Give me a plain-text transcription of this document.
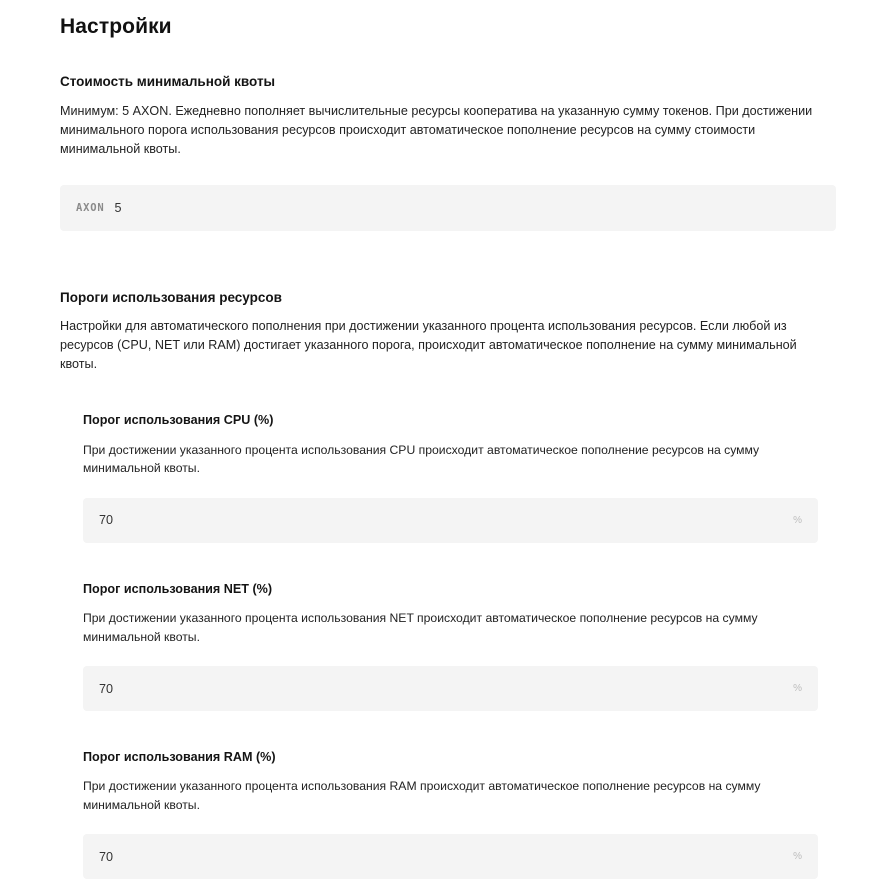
Настройки
Стоимость минимальной квоты

Минимум: 5 AXON. Ежедневно пополняет вычислительные ресурсы кооператива на указанную сумму токенов. При достижении минимального порога использования ресурсов происходит автоматическое пополнение ресурсов на сумму стоимости минимальной квоты.

AXON 5
Пороги использования ресурсов

Настройки для автоматического пополнения при достижении указанного процента использования ресурсов. Если любой из ресурсов (CPU, NET или RAM) достигает указанного порога, происходит автоматическое пополнение на сумму минимальной квоты.

Порог использования CPU (%)

При достижении указанного процента использования CPU происходит автоматическое пополнение ресурсов на сумму минимальной квоты.

70	%
Порог использования NET (%)

При достижении указанного процента использования NET происходит автоматическое пополнение ресурсов на сумму минимальной квоты.

70	%
Порог использования RAM (%)

При достижении указанного процента использования RAM происходит автоматическое пополнение ресурсов на сумму минимальной квоты.

70	%
